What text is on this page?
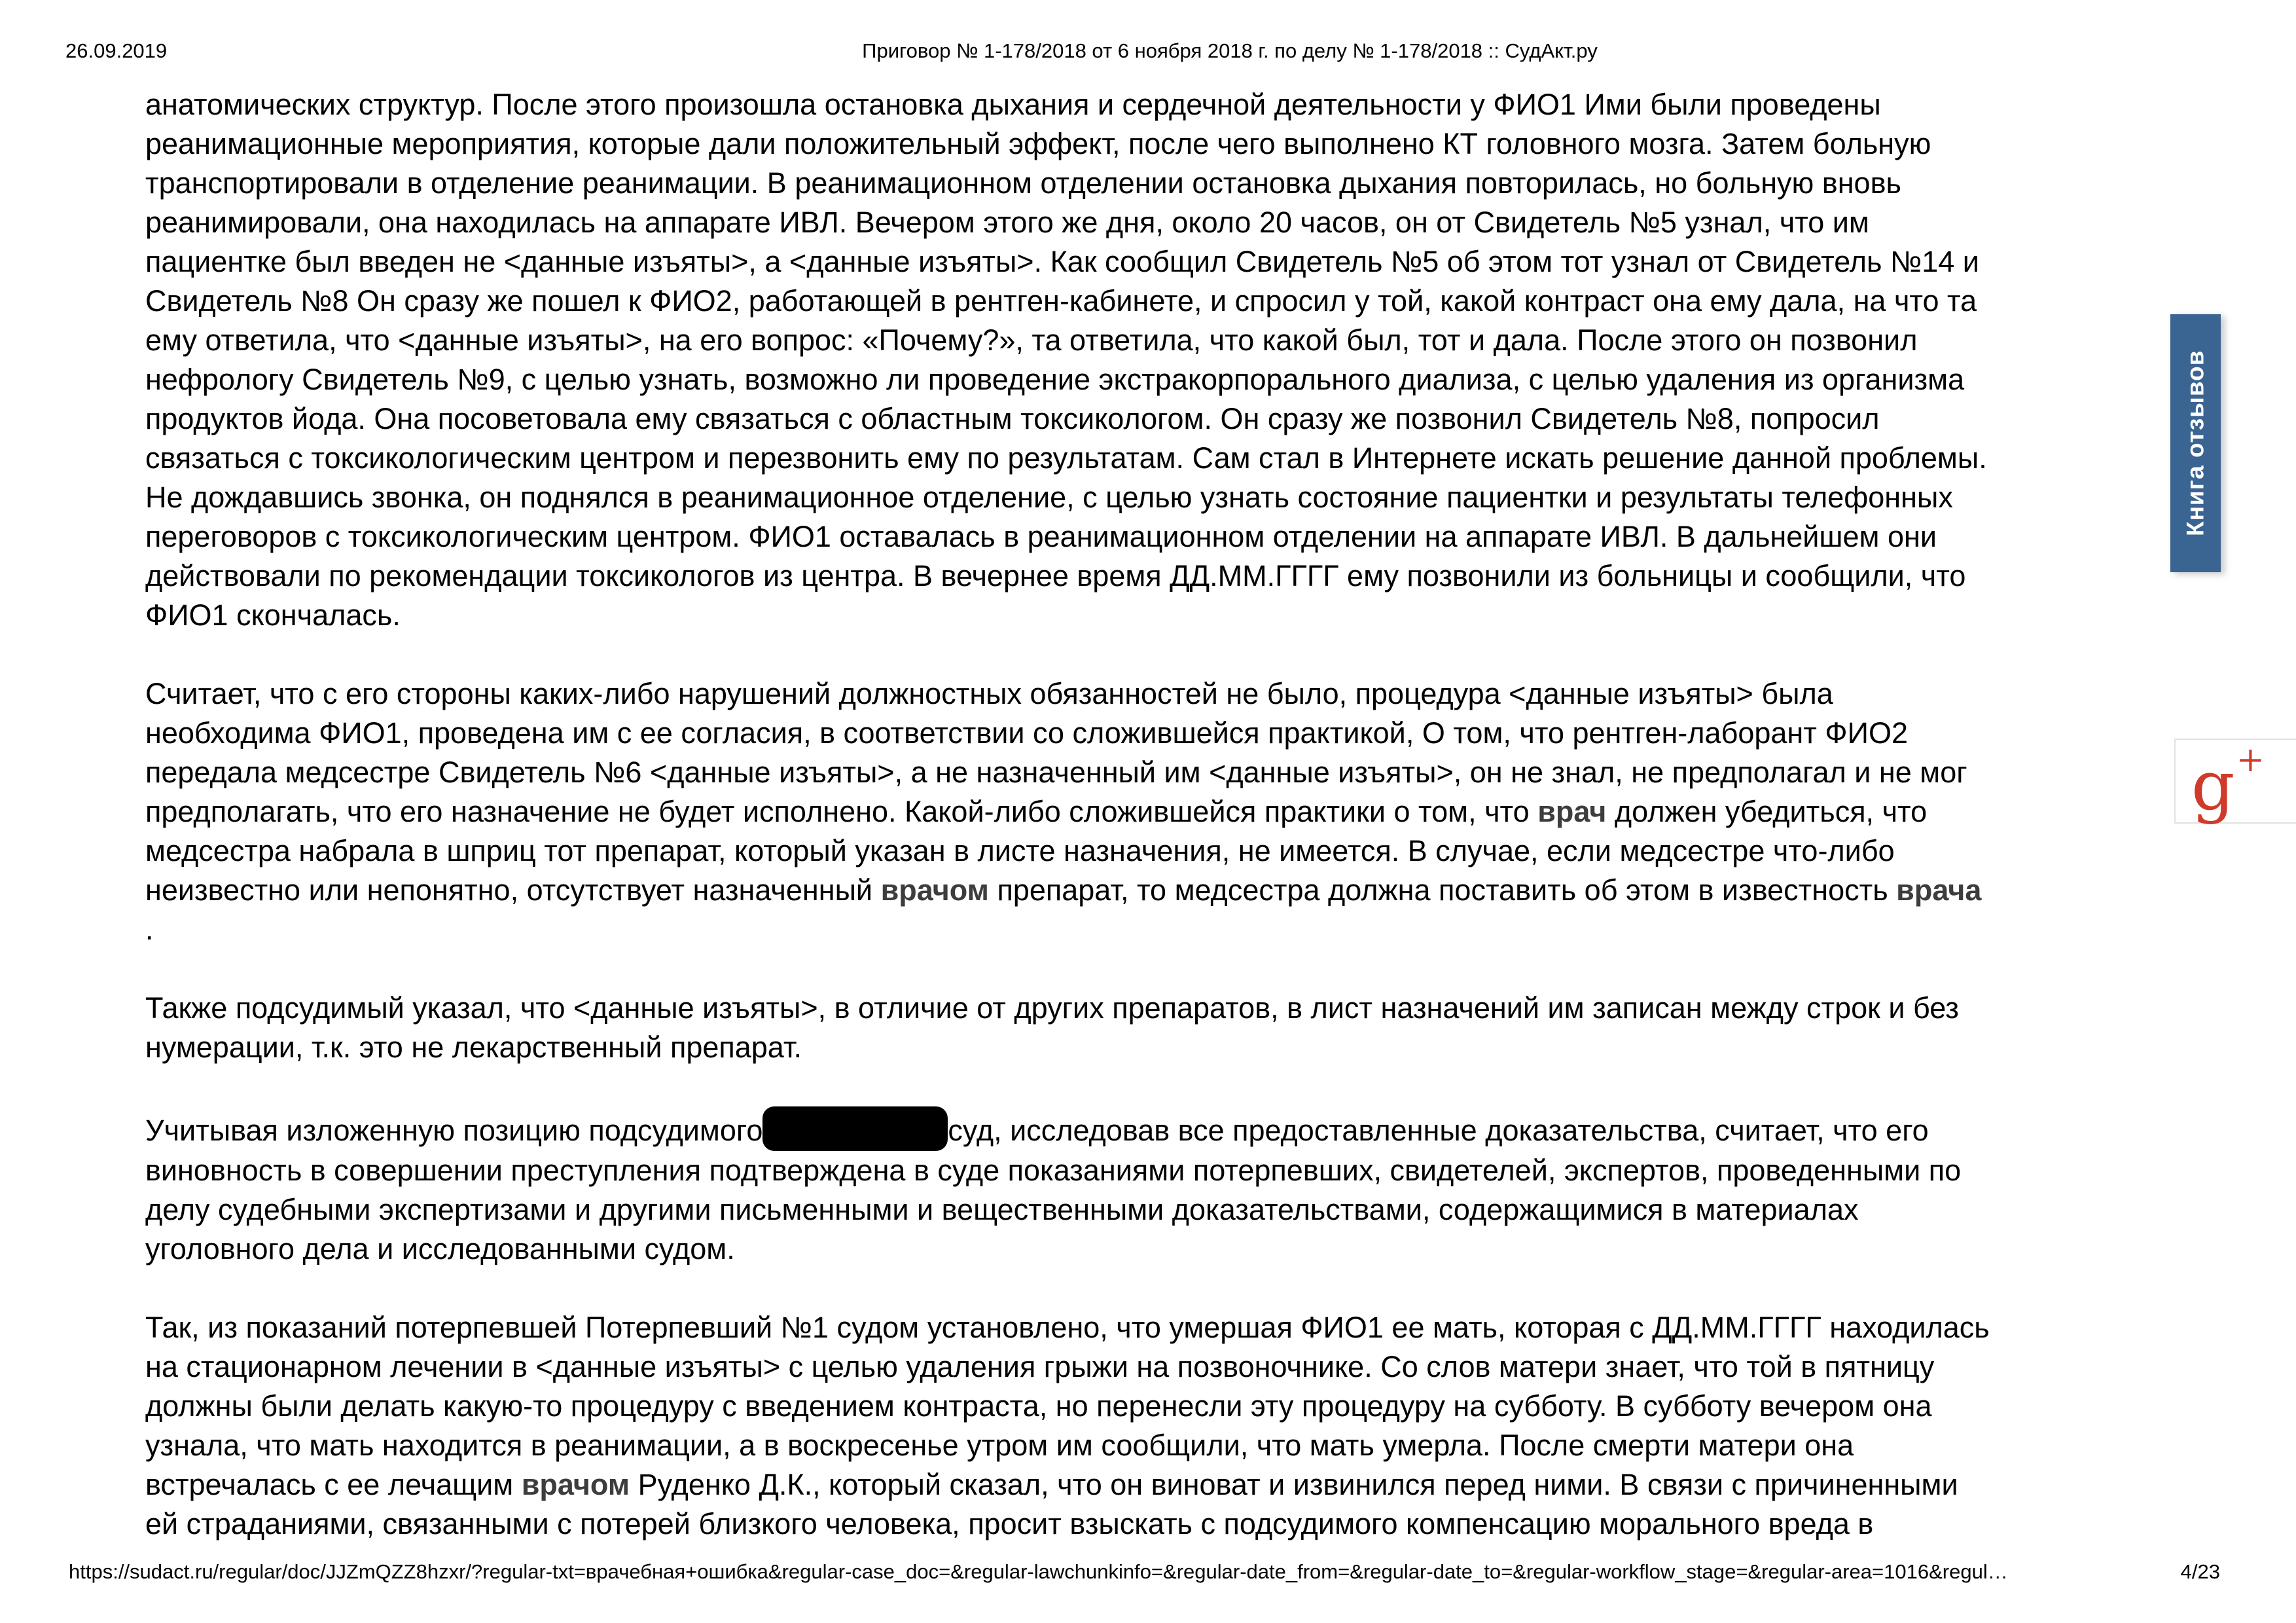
26.09.2019	Приговор № 1-178/2018 от 6 ноября 2018 г. по делу № 1-178/2018 :: СудАкт.ру
анатомических структур. После этого произошла остановка дыхания и сердечной деятельности у ФИО1 Ими были проведены
реанимационные мероприятия, которые дали положительный эффект, после чего выполнено КТ головного мозга. Затем больную
транспортировали в отделение реанимации. В реанимационном отделении остановка дыхания повторилась, но больную вновь
реанимировали, она находилась на аппарате ИВЛ. Вечером этого же дня, около 20 часов, он от Свидетель №5 узнал, что им
пациентке был введен не <данные изъяты>, а <данные изъяты>. Как сообщил Свидетель №5 об этом тот узнал от Свидетель №14 и
Свидетель №8 Он сразу же пошел к ФИО2, работающей в рентген-кабинете, и спросил у той, какой контраст она ему дала, на что та
ему ответила, что <данные изъяты>, на его вопрос: «Почему?», та ответила, что какой был, тот и дала. После этого он позвонил
нефрологу Свидетель №9, с целью узнать, возможно ли проведение экстракорпорального диализа, с целью удаления из организма
продуктов йода. Она посоветовала ему связаться с областным токсикологом. Он сразу же позвонил Свидетель №8, попросил
связаться с токсикологическим центром и перезвонить ему по результатам. Сам стал в Интернете искать решение данной проблемы.
Не дождавшись звонка, он поднялся в реанимационное отделение, с целью узнать состояние пациентки и результаты телефонных
переговоров с токсикологическим центром. ФИО1 оставалась в реанимационном отделении на аппарате ИВЛ. В дальнейшем они
действовали по рекомендации токсикологов из центра. В вечернее время ДД.ММ.ГГГГ ему позвонили из больницы и сообщили, что
ФИО1 скончалась.
Считает, что с его стороны каких-либо нарушений должностных обязанностей не было, процедура <данные изъяты> была
необходима ФИО1, проведена им с ее согласия, в соответствии со сложившейся практикой, О том, что рентген-лаборант ФИО2
передала медсестре Свидетель №6 <данные изъяты>, а не назначенный им <данные изъяты>, он не знал, не предполагал и не мог
предполагать, что его назначение не будет исполнено. Какой-либо сложившейся практики о том, что врач должен убедиться, что
медсестра набрала в шприц тот препарат, который указан в листе назначения, не имеется. В случае, если медсестре что-либо
неизвестно или непонятно, отсутствует назначенный врачом препарат, то медсестра должна поставить об этом в известность врача
.
Также подсудимый указал, что <данные изъяты>, в отличие от других препаратов, в лист назначений им записан между строк и без
нумерации, т.к. это не лекарственный препарат.
Учитывая изложенную позицию подсудимого	суд, исследовав все предоставленные доказательства, считает, что его
виновность в совершении преступления подтверждена в суде показаниями потерпевших, свидетелей, экспертов, проведенными по
делу судебными экспертизами и другими письменными и вещественными доказательствами, содержащимися в материалах
уголовного дела и исследованными судом.
Так, из показаний потерпевшей Потерпевший №1 судом установлено, что умершая ФИО1 ее мать, которая с ДД.ММ.ГГГГ находилась
на стационарном лечении в <данные изъяты> с целью удаления грыжи на позвоночнике. Со слов матери знает, что той в пятницу
должны были делать какую-то процедуру с введением контраста, но перенесли эту процедуру на субботу. В субботу вечером она
узнала, что мать находится в реанимации, а в воскресенье утром им сообщили, что мать умерла. После смерти матери она
встречалась с ее лечащим врачом Руденко Д.К., который сказал, что он виноват и извинился перед ними. В связи с причиненными
ей страданиями, связанными с потерей близкого человека, просит взыскать с подсудимого компенсацию морального вреда в
Книга отзывов
g+
https://sudact.ru/regular/doc/JJZmQZZ8hzxr/?regular-txt=врачебная+ошибка&regular-case_doc=&regular-lawchunkinfo=&regular-date_from=&regular-date_to=&regular-workflow_stage=&regular-area=1016&regul…	4/23
